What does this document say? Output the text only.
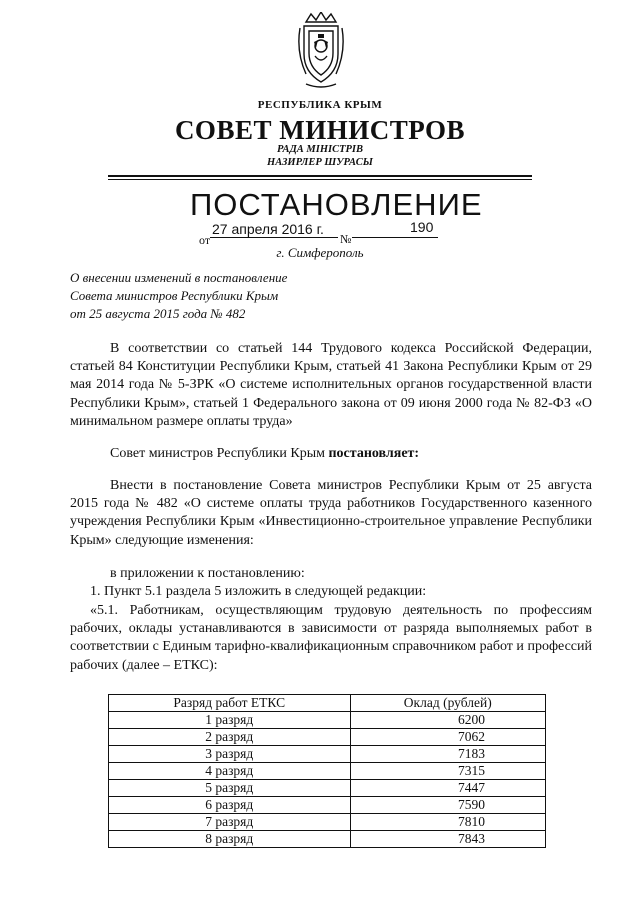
РЕСПУБЛИКА КРЫМ
СОВЕТ МИНИСТРОВ
РАДА МІНІСТРІВ
НАЗИРЛЕР ШУРАСЫ
ПОСТАНОВЛЕНИЕ
от
27 апреля 2016 г.
№
190
г. Симферополь
О внесении изменений в постановление
Совета министров Республики Крым
от 25 августа 2015 года № 482
В соответствии со статьей 144 Трудового кодекса Российской Федерации, статьей 84 Конституции Республики Крым, статьей 41 Закона Республики Крым от 29 мая 2014 года № 5-ЗРК «О системе исполнительных органов государственной власти Республики Крым», статьей 1 Федерального закона от 09 июня 2000 года № 82-ФЗ «О минимальном размере оплаты труда»
Совет министров Республики Крым постановляет:
Внести в постановление Совета министров Республики Крым от 25 августа 2015 года № 482 «О системе оплаты труда работников Государственного казенного учреждения Республики Крым «Инвестиционно-строительное управление Республики Крым» следующие изменения:
в приложении к постановлению:
1. Пункт 5.1 раздела 5 изложить в следующей редакции:
«5.1. Работникам, осуществляющим трудовую деятельность по профессиям рабочих, оклады устанавливаются в зависимости от разряда выполняемых работ в соответствии с Единым тарифно-квалификационным справочником работ и профессий рабочих (далее – ЕТКС):
Разряд работ ЕТКС	Оклад (рублей)
1 разряд	6200
2 разряд	7062
3 разряд	7183
4 разряд	7315
5 разряд	7447
6 разряд	7590
7 разряд	7810
8 разряд	7843
